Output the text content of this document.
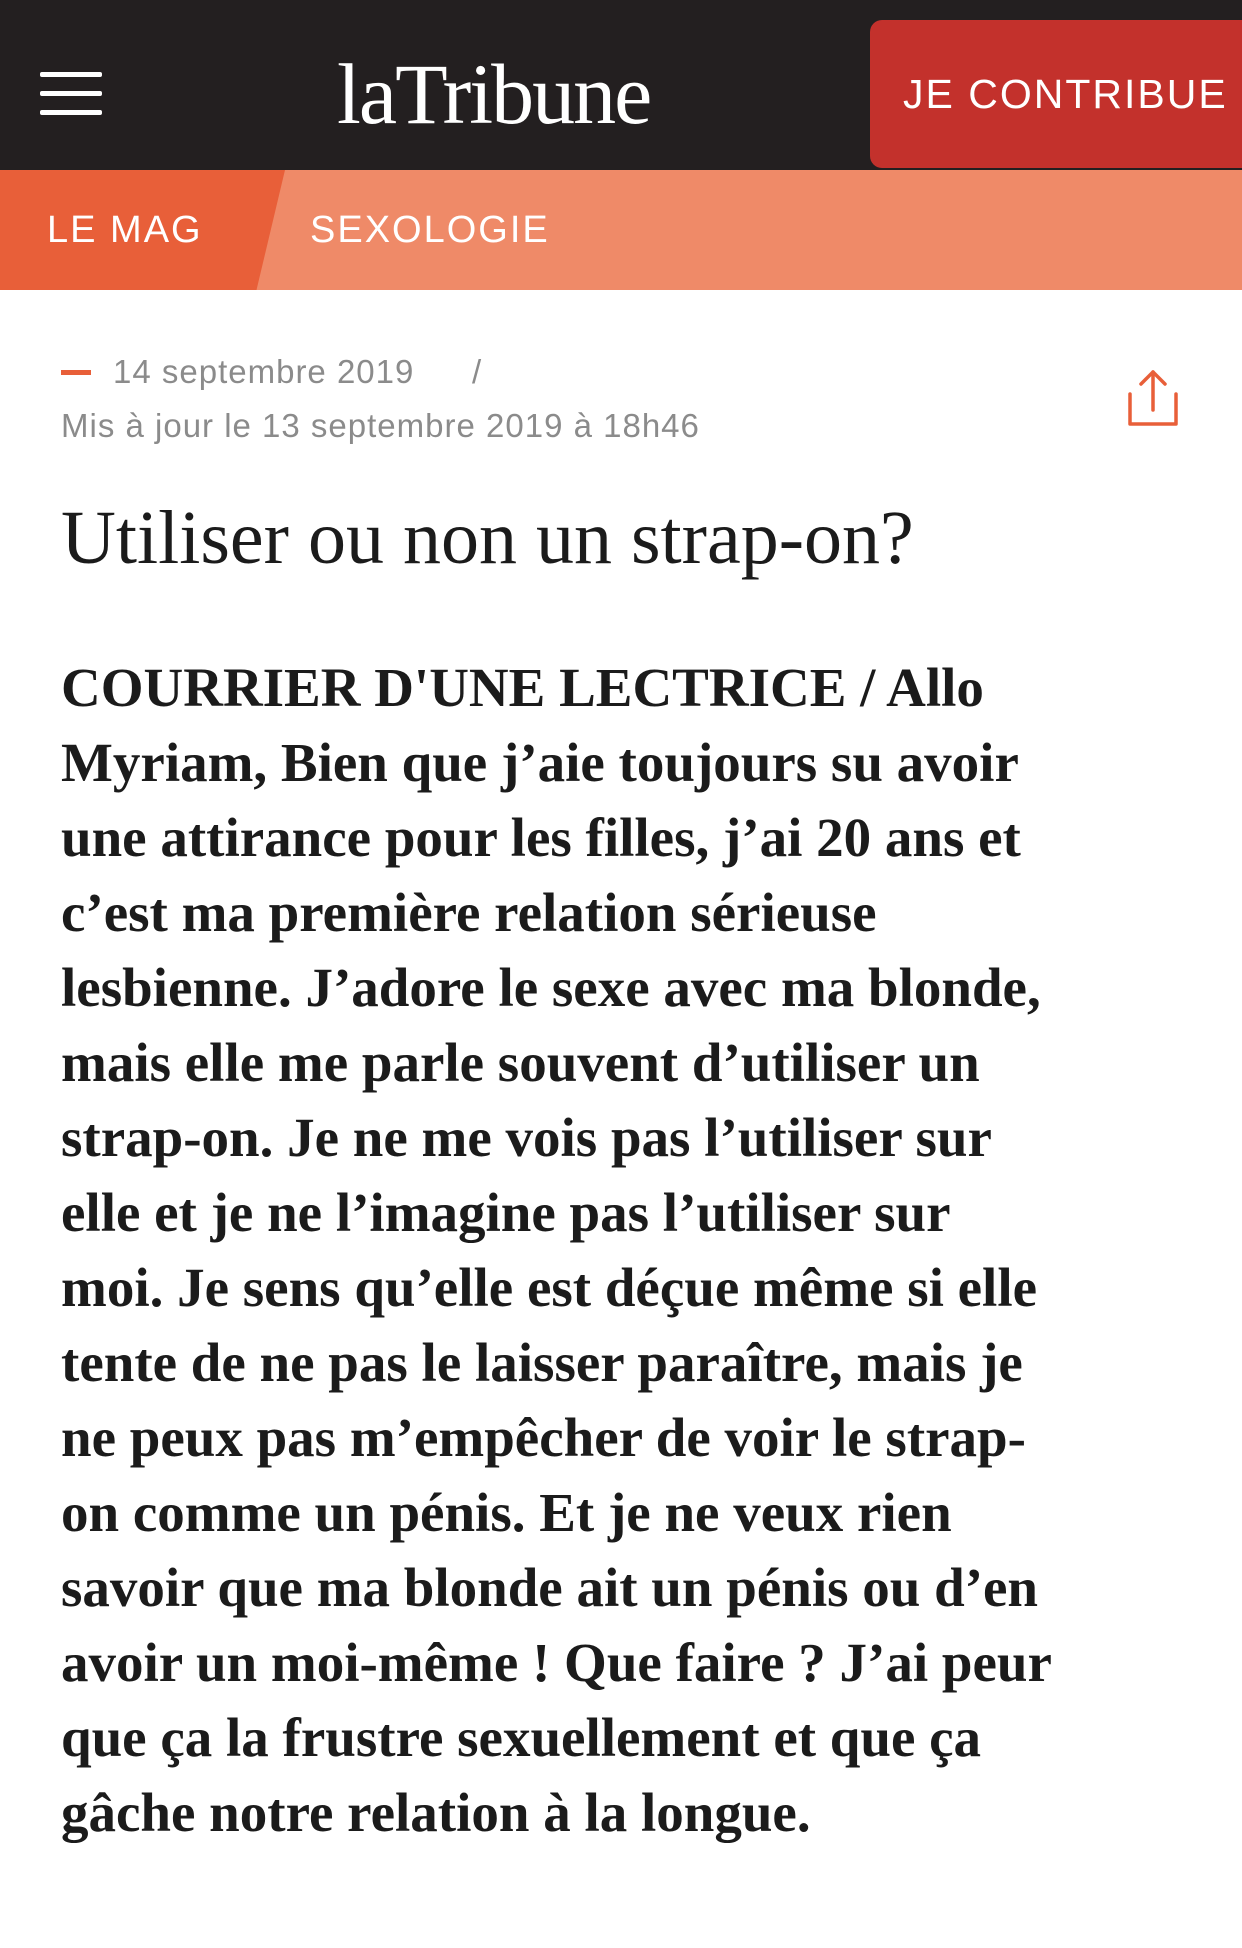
laTribune	JE CONTRIBUE
LE MAG	SEXOLOGIE
14 septembre 2019 /
Mis à jour le 13 septembre 2019 à 18h46
Utiliser ou non un strap-on?
COURRIER D'UNE LECTRICE / Allo
Myriam, Bien que j’aie toujours su avoir
une attirance pour les filles, j’ai 20 ans et
c’est ma première relation sérieuse
lesbienne. J’adore le sexe avec ma blonde,
mais elle me parle souvent d’utiliser un
strap-on. Je ne me vois pas l’utiliser sur
elle et je ne l’imagine pas l’utiliser sur
moi. Je sens qu’elle est déçue même si elle
tente de ne pas le laisser paraître, mais je
ne peux pas m’empêcher de voir le strap-
on comme un pénis. Et je ne veux rien
savoir que ma blonde ait un pénis ou d’en
avoir un moi-même ! Que faire ? J’ai peur
que ça la frustre sexuellement et que ça
gâche notre relation à la longue.
